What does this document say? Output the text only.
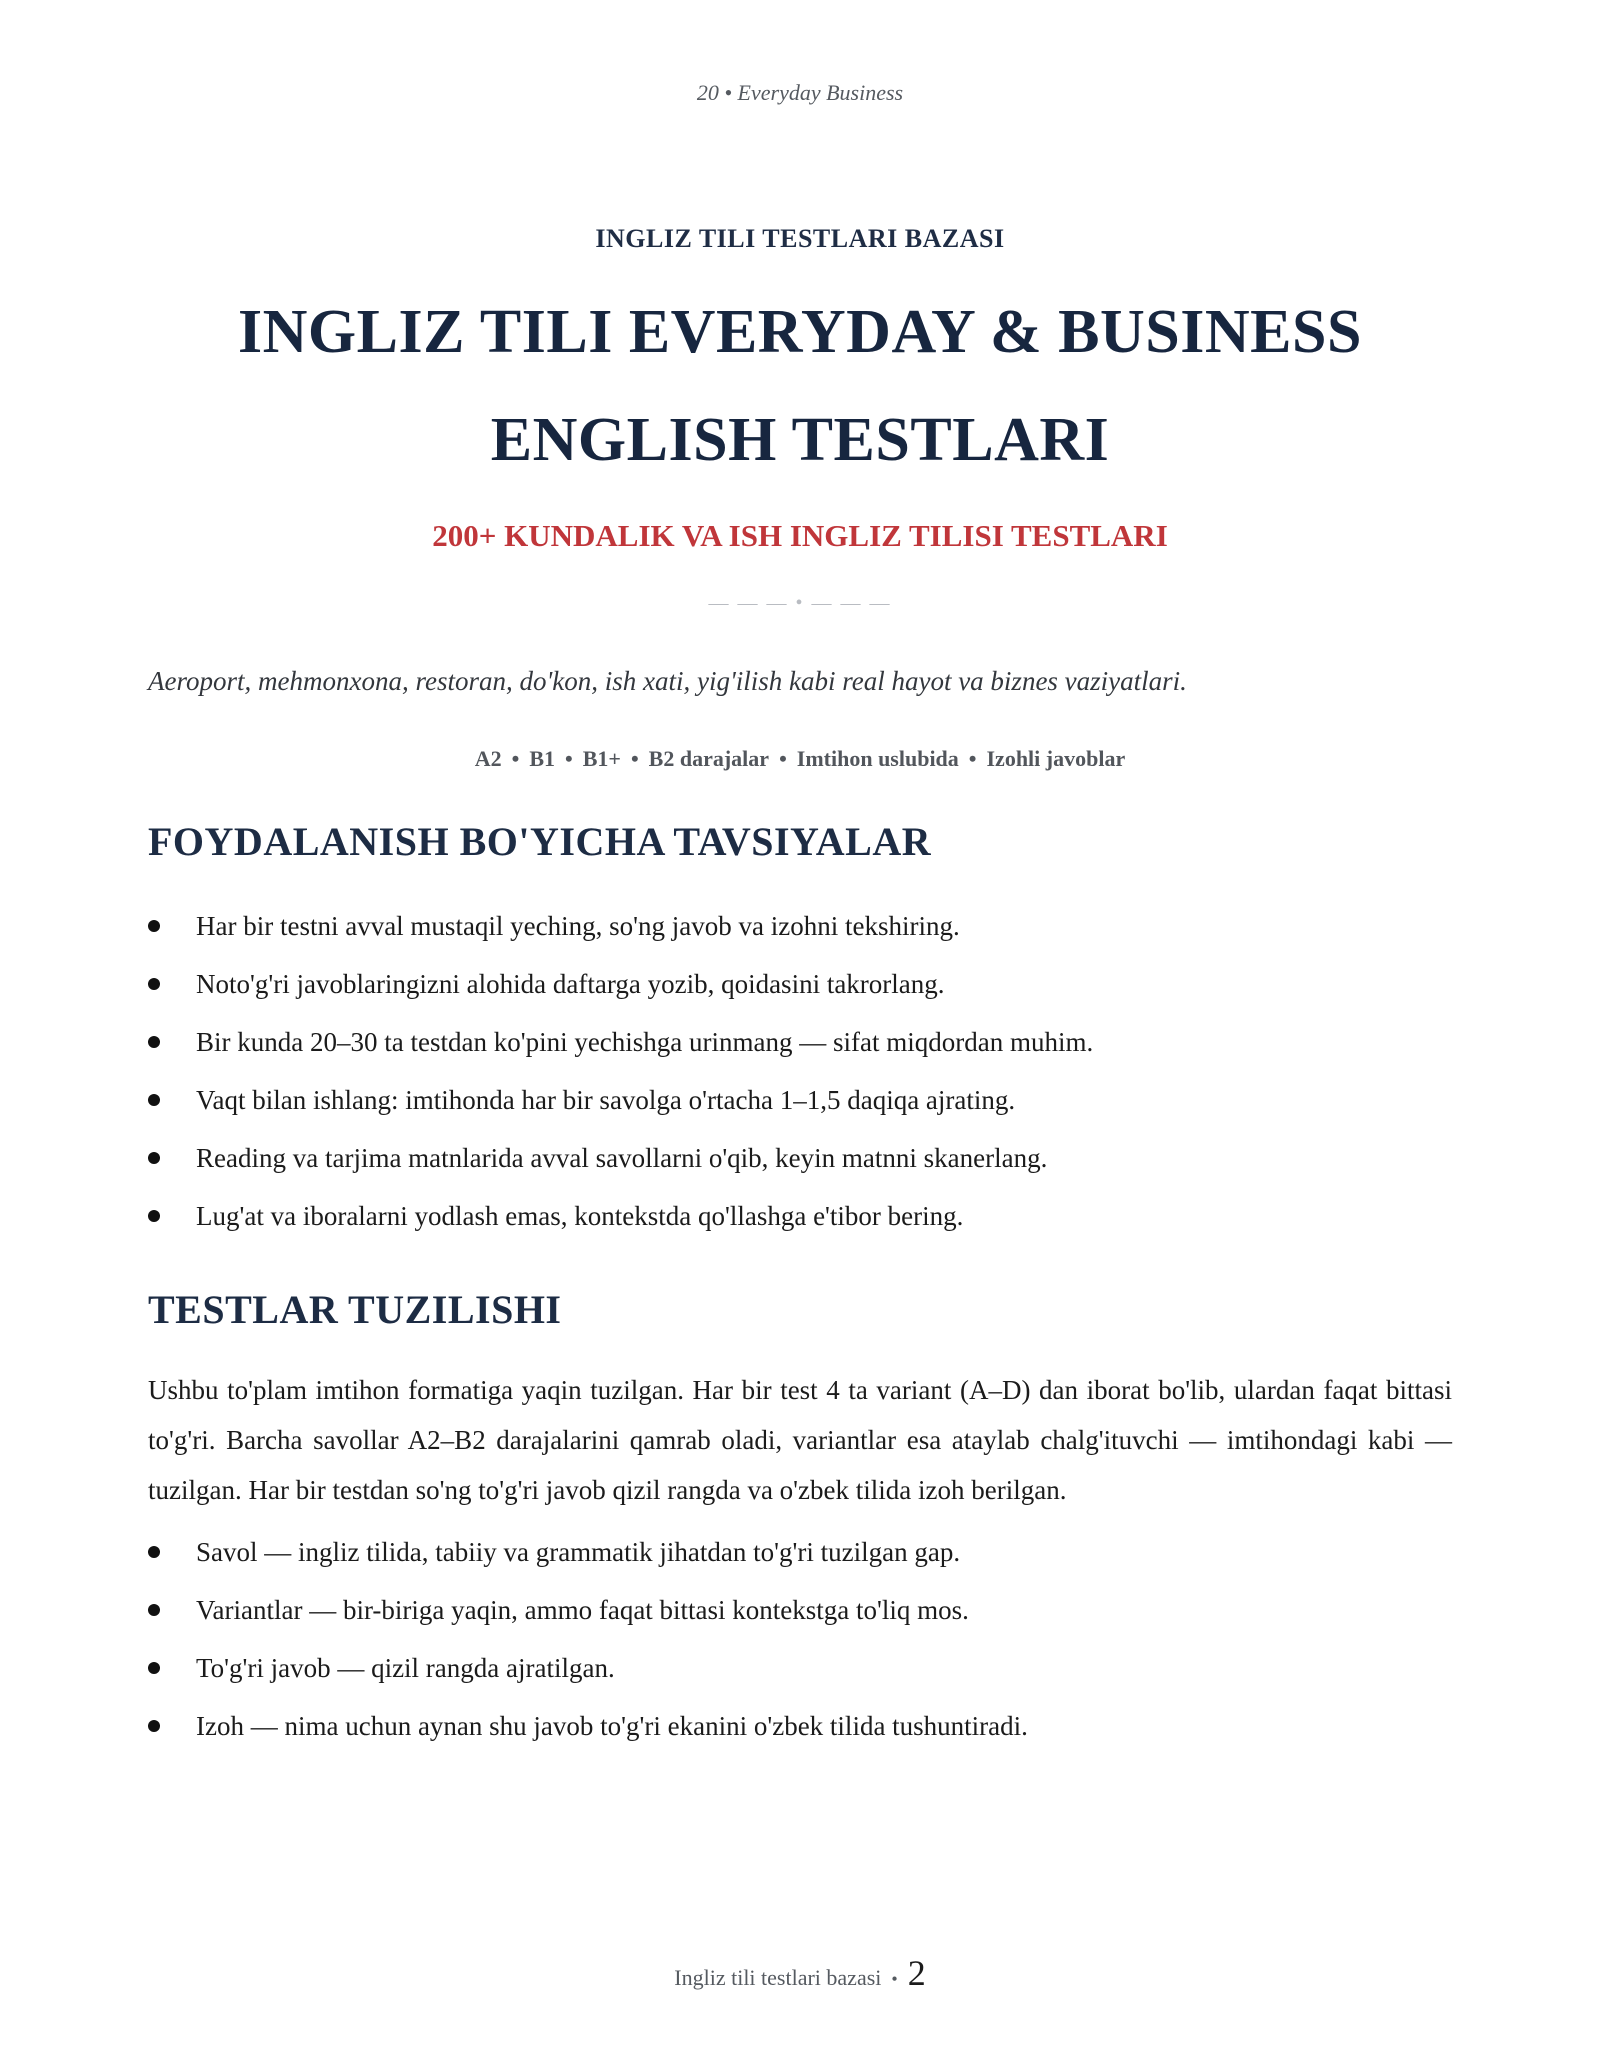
20 • Everyday Business
INGLIZ TILI TESTLARI BAZASI
INGLIZ TILI EVERYDAY & BUSINESS
ENGLISH TESTLARI
200+ KUNDALIK VA ISH INGLIZ TILISI TESTLARI
— — — • — — —
Aeroport, mehmonxona, restoran, do'kon, ish xati, yig'ilish kabi real hayot va biznes vaziyatlari.
A2 • B1 • B1+ • B2 darajalar • Imtihon uslubida • Izohli javoblar
FOYDALANISH BO'YICHA TAVSIYALAR
Har bir testni avval mustaqil yeching, so'ng javob va izohni tekshiring.
Noto'g'ri javoblaringizni alohida daftarga yozib, qoidasini takrorlang.
Bir kunda 20–30 ta testdan ko'pini yechishga urinmang — sifat miqdordan muhim.
Vaqt bilan ishlang: imtihonda har bir savolga o'rtacha 1–1,5 daqiqa ajrating.
Reading va tarjima matnlarida avval savollarni o'qib, keyin matnni skanerlang.
Lug'at va iboralarni yodlash emas, kontekstda qo'llashga e'tibor bering.
TESTLAR TUZILISHI
Ushbu to'plam imtihon formatiga yaqin tuzilgan. Har bir test 4 ta variant (A–D) dan iborat bo'lib, ulardan faqat bittasi to'g'ri. Barcha savollar A2–B2 darajalarini qamrab oladi, variantlar esa ataylab chalg'ituvchi — imtihondagi kabi — tuzilgan. Har bir testdan so'ng to'g'ri javob qizil rangda va o'zbek tilida izoh berilgan.
Savol — ingliz tilida, tabiiy va grammatik jihatdan to'g'ri tuzilgan gap.
Variantlar — bir-biriga yaqin, ammo faqat bittasi kontekstga to'liq mos.
To'g'ri javob — qizil rangda ajratilgan.
Izoh — nima uchun aynan shu javob to'g'ri ekanini o'zbek tilida tushuntiradi.
Ingliz tili testlari bazasi • 2
